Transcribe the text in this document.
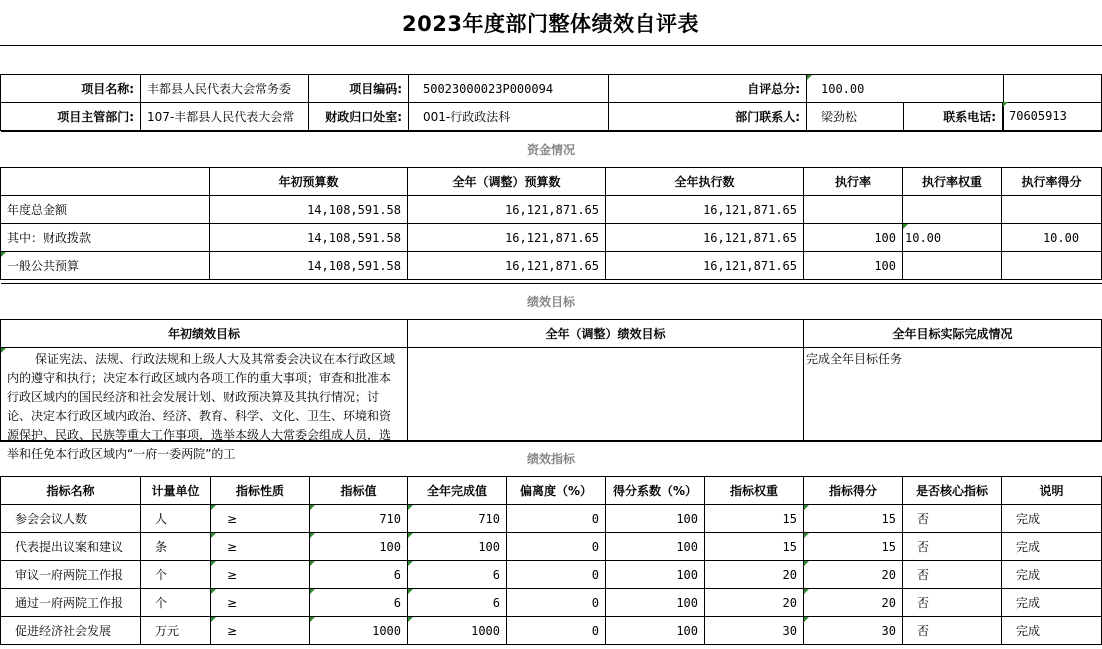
2023年度部门整体绩效自评表

项目名称:	丰都县人民代表大会常务委	项目编码:	50023000023P000094	自评总分:	100.00	
项目主管部门:	107-丰都县人民代表大会常	财政归口处室:	001-行政政法科	部门联系人:	梁劲松		联系电话:	70605913
资金情况						
	年初预算数	全年（调整）预算数	全年执行数	执行率	执行率权重	执行率得分
年度总金额	14,108,591.58	16,121,871.65	16,121,871.65			
其中：财政拨款	14,108,591.58	16,121,871.65	16,121,871.65	100	10.00	10.00
一般公共预算	14,108,591.58	16,121,871.65	16,121,871.65	100		
绩效目标		
年初绩效目标	全年（调整）绩效目标	全年目标实际完成情况

保证宪法、法规、行政法规和上级人大及其常委会决议在本行政区域内的遵守和执行；决定本行政区域内各项工作的重大事项；审查和批准本行政区域内的国民经济和社会发展计划、财政预决算及其执行情况；讨论、决定本行政区域内政治、经济、教育、科学、文化、卫生、环境和资源保护、民政、民族等重大工作事项，选举本级人大常委会组成人员，选举和任免本行政区域内“一府一委两院”的工		完成全年目标任务
绩效指标										
指标名称	计量单位	指标性质	指标值	全年完成值	偏离度（%）	得分系数（%）	指标权重	指标得分	是否核心指标	说明
参会会议人数	人	≥	710	710	0	100	15	15	否	完成
代表提出议案和建议	条	≥	100	100	0	100	15	15	否	完成
审议一府两院工作报	个	≥	6	6	0	100	20	20	否	完成
通过一府两院工作报	个	≥	6	6	0	100	20	20	否	完成
促进经济社会发展	万元	≥	1000	1000	0	100	30	30	否	完成
